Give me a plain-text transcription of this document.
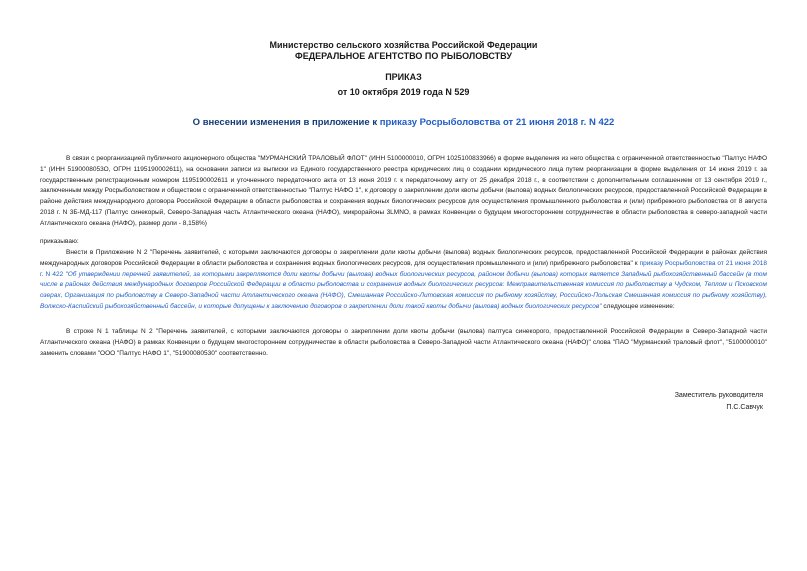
Министерство сельского хозяйства Российской Федерации
ФЕДЕРАЛЬНОЕ АГЕНТСТВО ПО РЫБОЛОВСТВУ
ПРИКАЗ
от 10 октября 2019 года N 529
О внесении изменения в приложение к приказу Росрыболовства от 21 июня 2018 г. N 422

В связи с реорганизацией публичного акционерного общества "МУРМАНСКИЙ ТРАЛОВЫЙ ФЛОТ" (ИНН 5100000010, ОГРН 1025100833966) в форме выделения из него общества с ограниченной ответственностью "Палтус НАФО 1" (ИНН 5190008053О, ОГРН 1195190002611), на основании записи из выписки из Единого государственного реестра юридических лиц о создании юридического лица путем реорганизации в форме выделения от 14 июня 2019 г. за государственным регистрационным номером 1195190002611 и уточненного передаточного акта от 13 июня 2019 г. к передаточному акту от 25 декабря 2018 г., в соответствии с дополнительным соглашением от 13 сентября 2019 г., заключенным между Росрыболовством и обществом с ограниченной ответственностью "Палтус НАФО 1", к договору о закреплении доли квоты добычи (вылова) водных биологических ресурсов, предоставленной Российской Федерации в районе действия международного договора Российской Федерации в области рыболовства и сохранения водных биологических ресурсов для осуществления промышленного рыболовства и (или) прибрежного рыболовства от 8 августа 2018 г. N 3Б-МД-117 (Палтус синекорый, Северо-Западная часть Атлантического океана (НАФО), микрорайоны 3LMNO, в рамках Конвенции о будущем многостороннем сотрудничестве в области рыболовства в северо-западной части Атлантического океана (НАФО), размер доли - 8,158%)

приказываю:

Внести в Приложение N 2 "Перечень заявителей, с которыми заключаются договоры о закреплении доли квоты добычи (вылова) водных биологических ресурсов, предоставленной Российской Федерации в районах действия международных договоров Российской Федерации в области рыболовства и сохранения водных биологических ресурсов, для осуществления промышленного и (или) прибрежного рыболовства" к приказу Росрыболовства от 21 июня 2018 г. N 422 "Об утверждении перечней заявителей, за которыми закрепляются доли квоты добычи (вылова) водных биологических ресурсов, районом добычи (вылова) которых является Западный рыбохозяйственный бассейн (в том числе в районах действия международных договоров Российской Федерации в области рыболовства и сохранения водных биологических ресурсов: Межправительственная комиссия по рыболовству в Чудском, Теплом и Псковском озерах, Организация по рыболовству в Северо-Западной части Атлантического океана (НАФО), Смешанная Российско-Литовская комиссия по рыбному хозяйству, Российско-Польская Смешанная комиссия по рыбному хозяйству), Волжско-Каспийский рыбохозяйственный бассейн, и которые допущены к заключению договоров о закреплении доли такой квоты добычи (вылова) водных биологических ресурсов" следующее изменение:

В строке N 1 таблицы N 2 "Перечень заявителей, с которыми заключаются договоры о закреплении доли квоты добычи (вылова) палтуса синекорого, предоставленной Российской Федерации в Северо-Западной части Атлантического океана (НАФО) в рамках Конвенции о будущем многостороннем сотрудничестве в области рыболовства в Северо-Западной части Атлантического океана (НАФО)" слова "ПАО "Мурманский траловый флот", "5100000010" заменить словами "ООО "Палтус НАФО 1", "51900080530" соответственно.

Заместитель руководителя
П.С.Савчук
